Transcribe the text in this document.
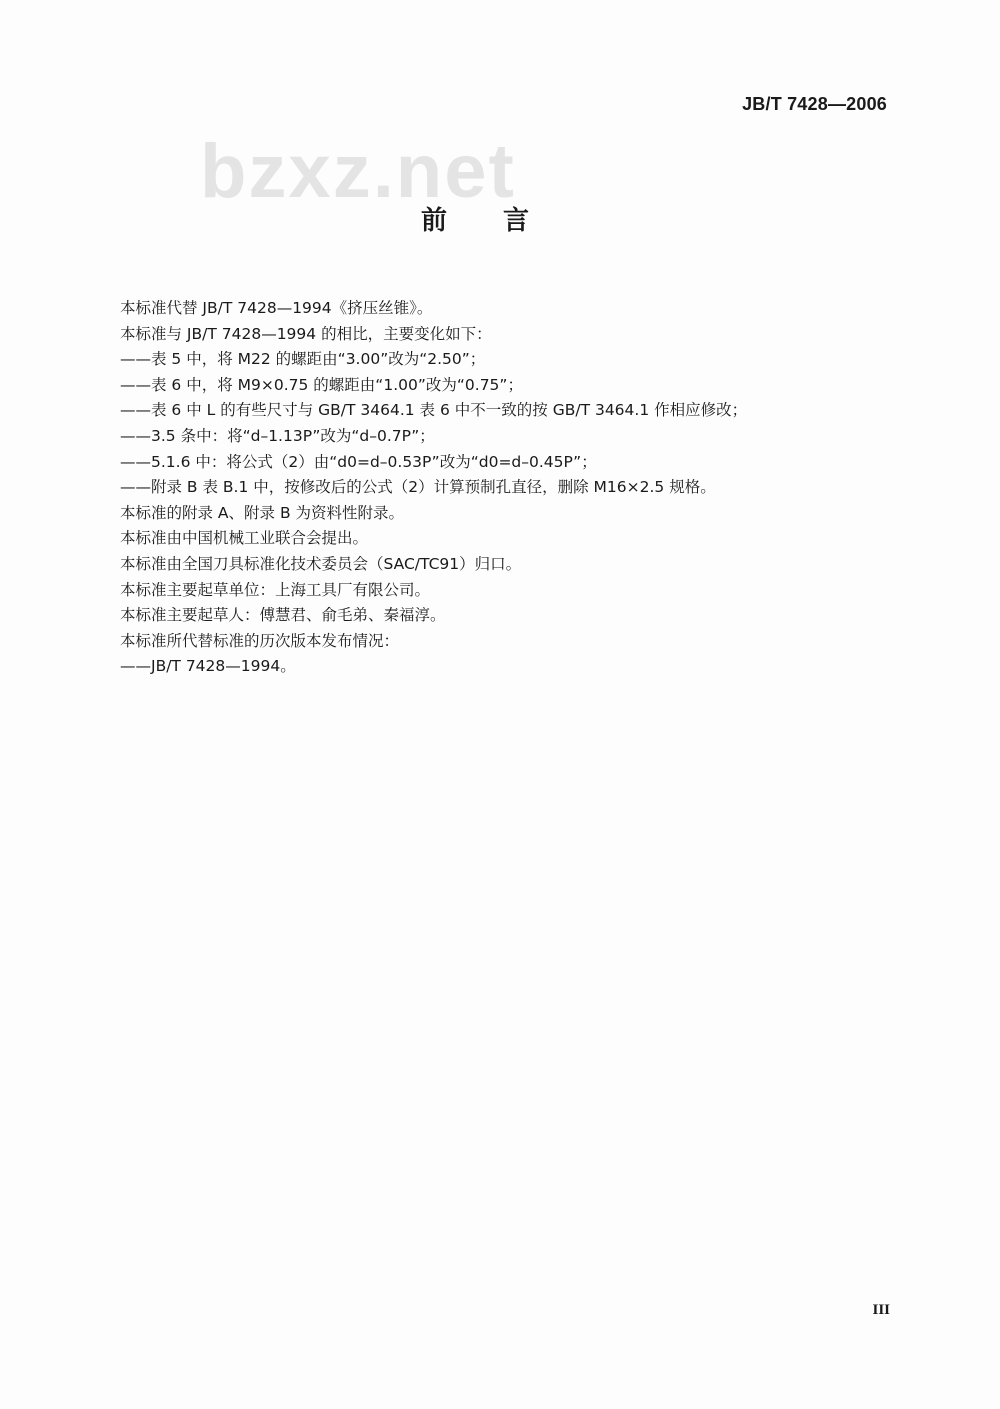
JB/T 7428—2006
bzxz.net
前 言
本标准代替 JB/T 7428—1994《挤压丝锥》。
本标准与 JB/T 7428—1994 的相比，主要变化如下：
——表 5 中，将 M22 的螺距由“3.00”改为“2.50”；
——表 6 中，将 M9×0.75 的螺距由“1.00”改为“0.75”；
——表 6 中 L 的有些尺寸与 GB/T 3464.1 表 6 中不一致的按 GB/T 3464.1 作相应修改；
——3.5 条中：将“d–1.13P”改为“d–0.7P”；
——5.1.6 中：将公式（2）由“d0=d–0.53P”改为“d0=d–0.45P”；
——附录 B 表 B.1 中，按修改后的公式（2）计算预制孔直径，删除 M16×2.5 规格。
本标准的附录 A、附录 B 为资料性附录。
本标准由中国机械工业联合会提出。
本标准由全国刀具标准化技术委员会（SAC/TC91）归口。
本标准主要起草单位：上海工具厂有限公司。
本标准主要起草人：傅慧君、俞毛弟、秦福淳。
本标准所代替标准的历次版本发布情况：
——JB/T 7428—1994。
III
